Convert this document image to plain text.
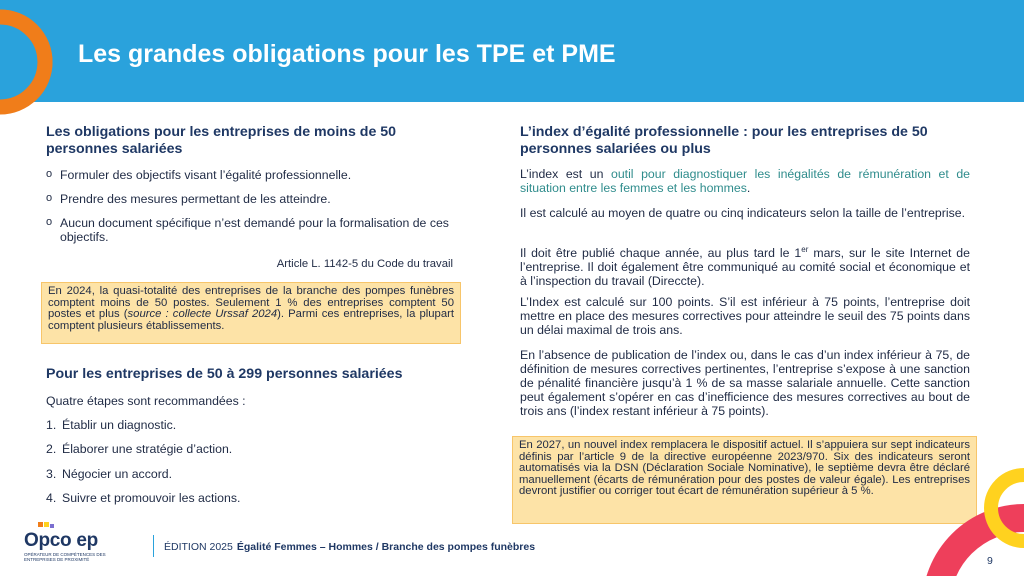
Les grandes obligations pour les TPE et PME
Les obligations pour les entreprises de moins de 50 personnes salariées
o Formuler des objectifs visant l’égalité professionnelle.
o Prendre des mesures permettant de les atteindre.
o Aucun document spécifique n’est demandé pour la formalisation de ces objectifs.
Article L. 1142-5 du Code du travail
En 2024, la quasi-totalité des entreprises de la branche des pompes funèbres comptent moins de 50 postes. Seulement 1 % des entreprises comptent 50 postes et plus (source : collecte Urssaf 2024). Parmi ces entreprises, la plupart comptent plusieurs établissements.
Pour les entreprises de 50 à 299 personnes salariées
Quatre étapes sont recommandées :
1. Établir un diagnostic.
2. Élaborer une stratégie d’action.
3. Négocier un accord.
4. Suivre et promouvoir les actions.
L’index d’égalité professionnelle : pour les entreprises de 50 personnes salariées ou plus
L’index est un outil pour diagnostiquer les inégalités de rémunération et de situation entre les femmes et les hommes.
Il est calculé au moyen de quatre ou cinq indicateurs selon la taille de l’entreprise.
Il doit être publié chaque année, au plus tard le 1er mars, sur le site Internet de l’entreprise. Il doit également être communiqué au comité social et économique et à l’inspection du travail (Direccte).
L’Index est calculé sur 100 points. S’il est inférieur à 75 points, l’entreprise doit mettre en place des mesures correctives pour atteindre le seuil des 75 points dans un délai maximal de trois ans.
En l’absence de publication de l’index ou, dans le cas d’un index inférieur à 75, de définition de mesures correctives pertinentes, l’entreprise s’expose à une sanction de pénalité financière jusqu’à 1 % de sa masse salariale annuelle. Cette sanction peut également s’opérer en cas d’inefficience des mesures correctives au bout de trois ans (l’index restant inférieur à 75 points).
En 2027, un nouvel index remplacera le dispositif actuel. Il s’appuiera sur sept indicateurs définis par l’article 9 de la directive européenne 2023/970. Six des indicateurs seront automatisés via la DSN (Déclaration Sociale Nominative), le septième devra être déclaré manuellement (écarts de rémunération pour des postes de valeur égale). Les entreprises devront justifier ou corriger tout écart de rémunération supérieur à 5 %.
Opco ep
OPÉRATEUR DE COMPÉTENCES DES ENTREPRISES DE PROXIMITÉ
ÉDITION 2025 Égalité Femmes – Hommes / Branche des pompes funèbres
9
